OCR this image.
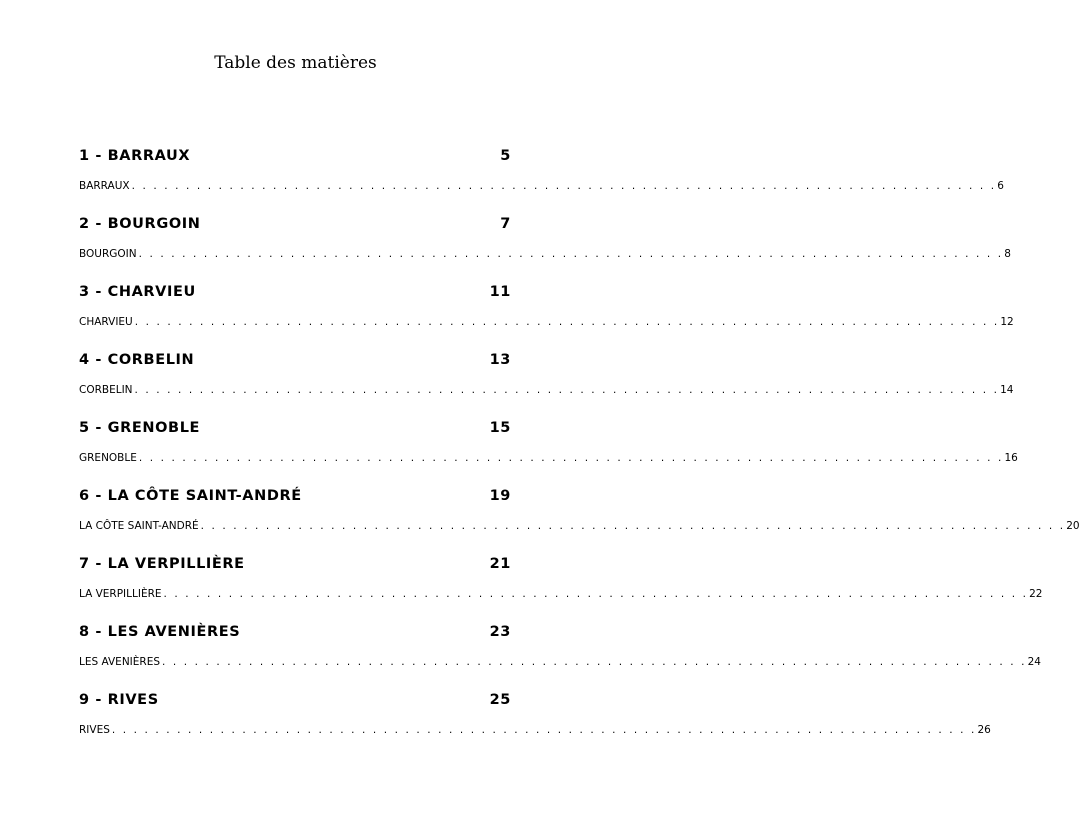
Table des matières
1 - BARRAUX	5
BARRAUX . . . . . . . . . . . . . . . . . . . . . . . . . . . . . . . . . . . . . . . . . . . . . . . . . . . . . . . . . . . . . . . . . . . . . . . . . . . . . . . . 6
2 - BOURGOIN	7
BOURGOIN . . . . . . . . . . . . . . . . . . . . . . . . . . . . . . . . . . . . . . . . . . . . . . . . . . . . . . . . . . . . . . . . . . . . . . . . . . . . . . . . 8
3 - CHARVIEU	11
CHARVIEU . . . . . . . . . . . . . . . . . . . . . . . . . . . . . . . . . . . . . . . . . . . . . . . . . . . . . . . . . . . . . . . . . . . . . . . . . . . . . . . . 12
4 - CORBELIN	13
CORBELIN . . . . . . . . . . . . . . . . . . . . . . . . . . . . . . . . . . . . . . . . . . . . . . . . . . . . . . . . . . . . . . . . . . . . . . . . . . . . . . . . 14
5 - GRENOBLE	15
GRENOBLE . . . . . . . . . . . . . . . . . . . . . . . . . . . . . . . . . . . . . . . . . . . . . . . . . . . . . . . . . . . . . . . . . . . . . . . . . . . . . . . . 16
6 - LA CÔTE SAINT-ANDRÉ	19
LA CÔTE SAINT-ANDRÉ . . . . . . . . . . . . . . . . . . . . . . . . . . . . . . . . . . . . . . . . . . . . . . . . . . . . . . . . . . . . . . . . . . . . . . . . . . . . . . . . 20
7 - LA VERPILLIÈRE	21
LA VERPILLIÈRE . . . . . . . . . . . . . . . . . . . . . . . . . . . . . . . . . . . . . . . . . . . . . . . . . . . . . . . . . . . . . . . . . . . . . . . . . . . . . . . . 22
8 - LES AVENIÈRES	23
LES AVENIÈRES . . . . . . . . . . . . . . . . . . . . . . . . . . . . . . . . . . . . . . . . . . . . . . . . . . . . . . . . . . . . . . . . . . . . . . . . . . . . . . . . 24
9 - RIVES	25
RIVES . . . . . . . . . . . . . . . . . . . . . . . . . . . . . . . . . . . . . . . . . . . . . . . . . . . . . . . . . . . . . . . . . . . . . . . . . . . . . . . . 26
